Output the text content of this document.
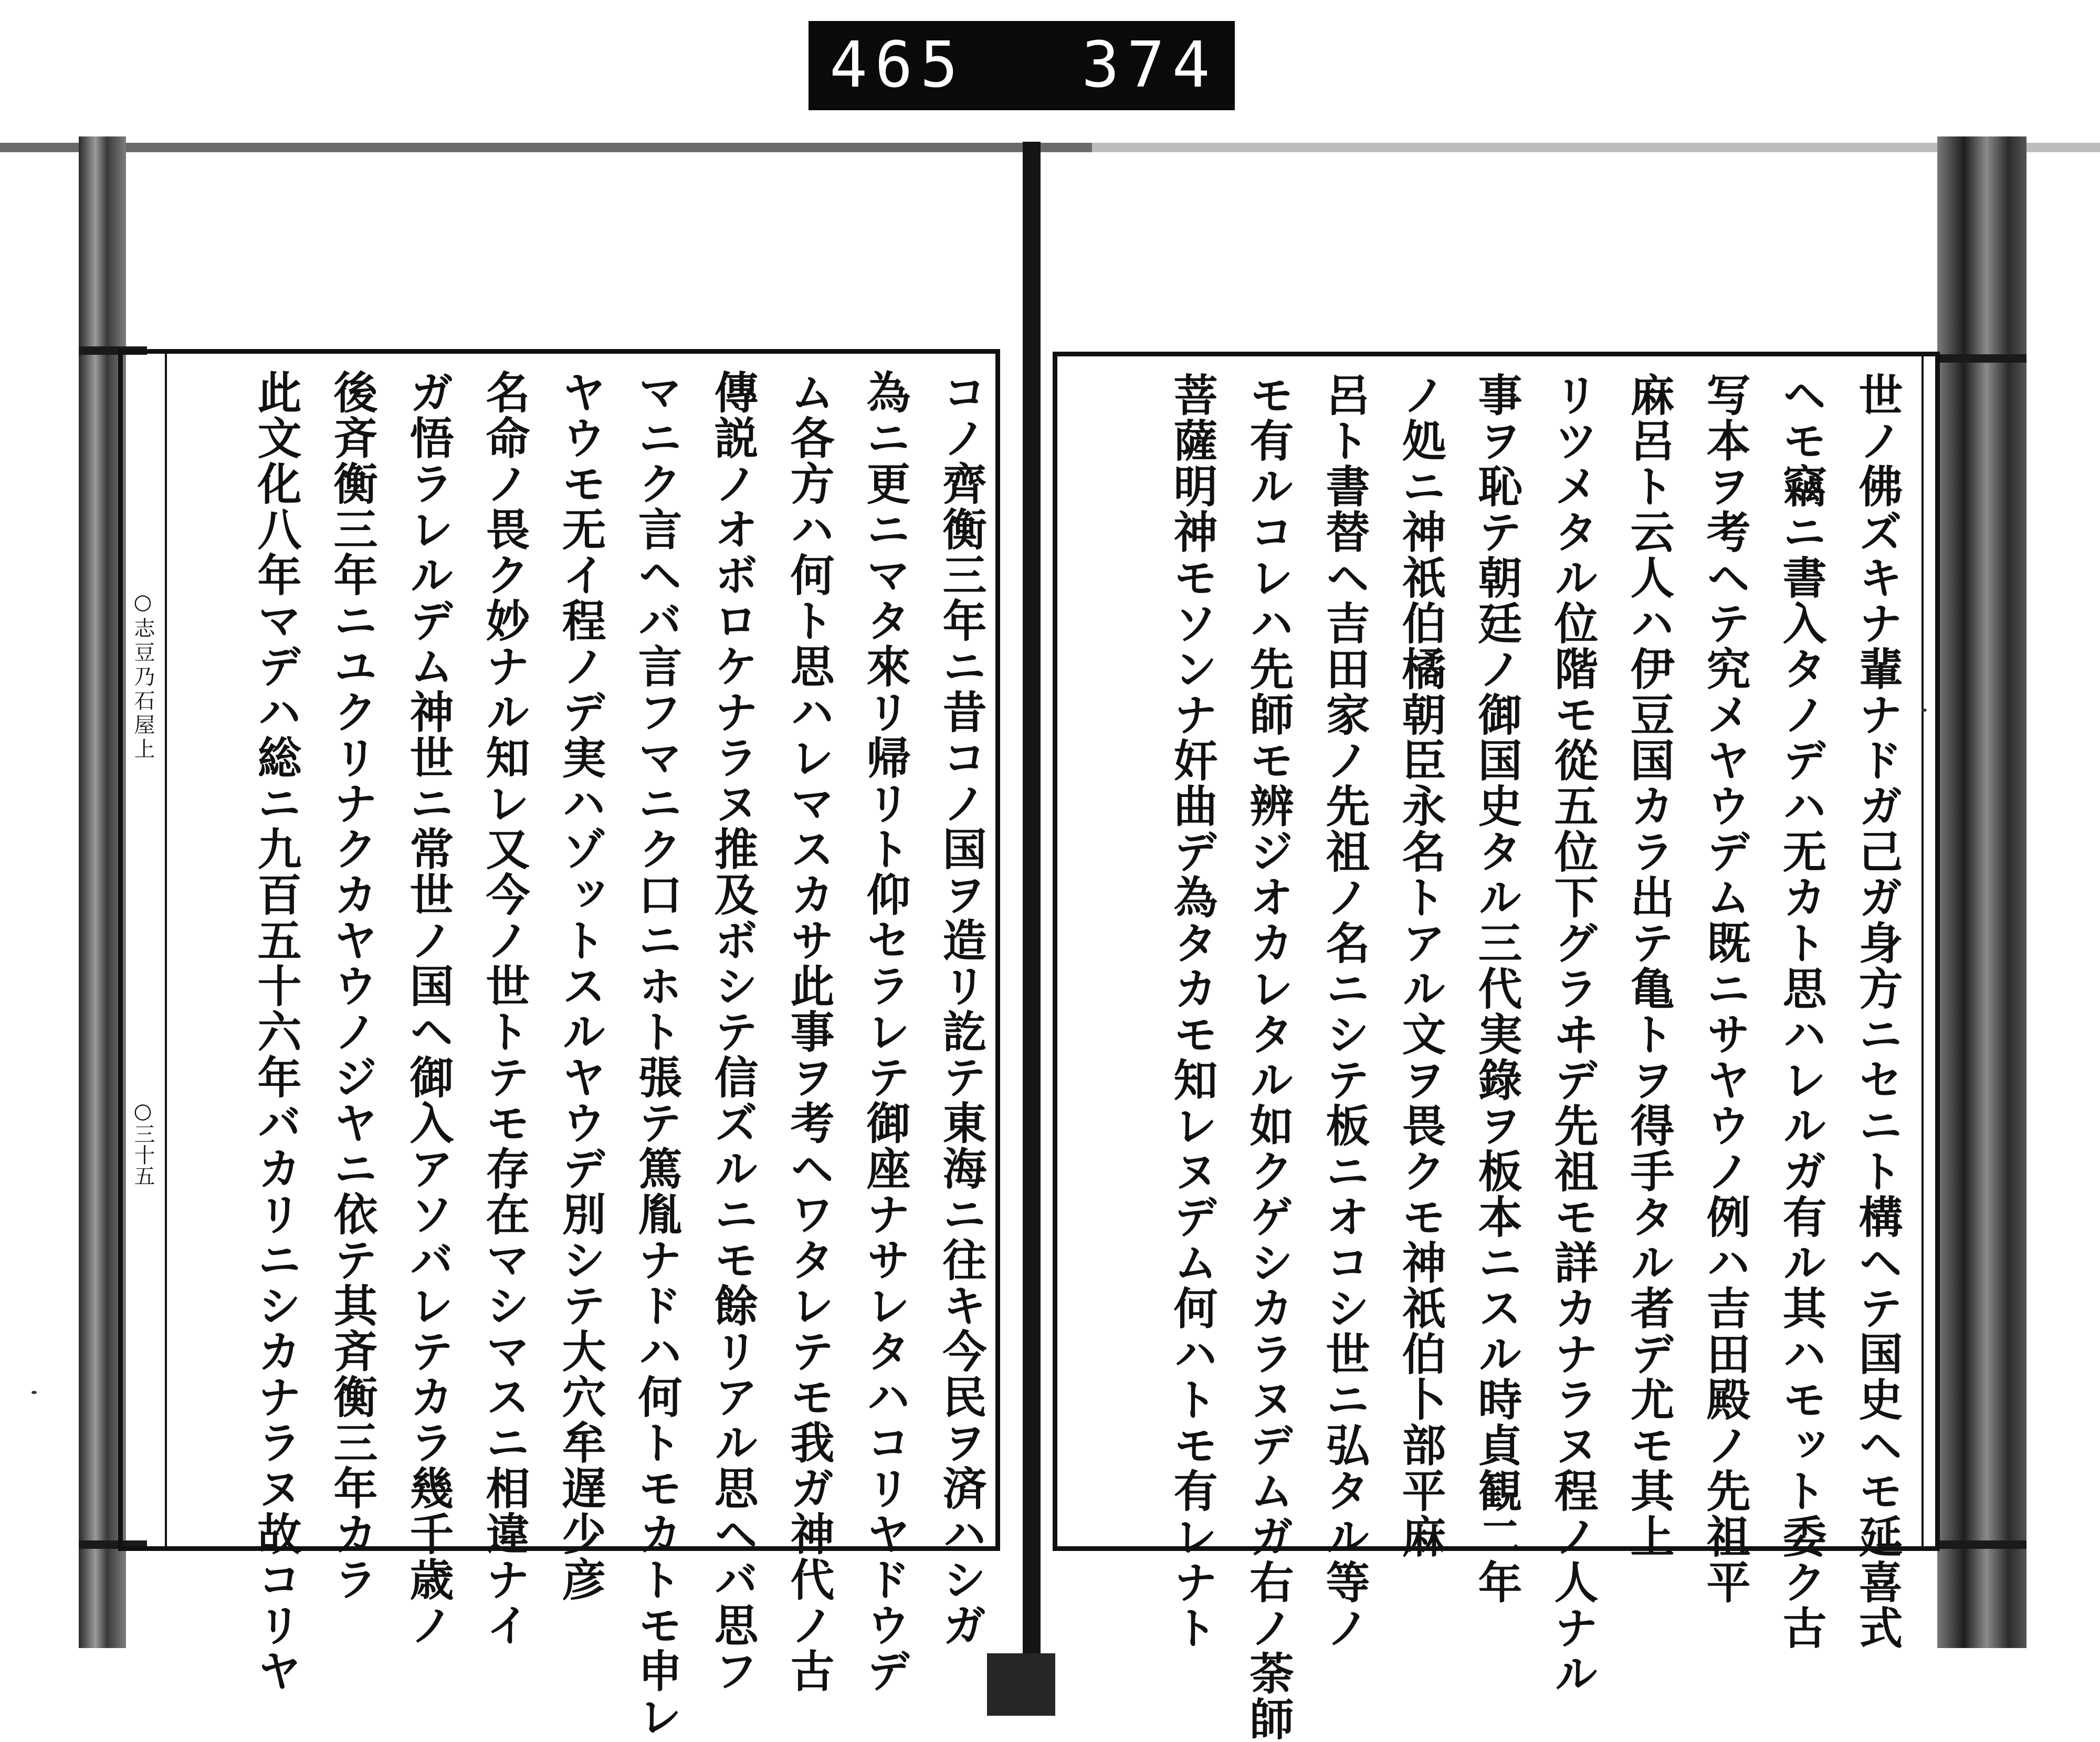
465 374
○志豆乃石屋上
○三十五	コノ齊衡三年ニ昔コノ国ヲ造リ訖テ東海ニ往キ今民ヲ済ハシガ
為ニ更ニマタ來リ帰リト仰セラレテ御座ナサレタハコリヤドウデ
ム各方ハ何ト思ハレマスカサ此事ヲ考ヘワタレテモ我ガ神代ノ古
傳説ノオボロケナラヌ推及ボシテ信ズルニモ餘リアル思ヘバ思フ
マニク言ヘバ言フマニク口ニホト張テ篤胤ナドハ何トモカトモ申レ
ヤウモ无イ程ノデ実ハゾットスルヤウデ別シテ大穴牟遅少彦
名命ノ畏ク妙ナル知レ又今ノ世トテモ存在マシマスニ相違ナイ
ガ悟ラレルデム神世ニ常世ノ国ヘ御入アソバレテカラ幾千歳ノ
後斉衡三年ニユクリナクカヤウノジヤニ依テ其斉衡三年カラ
此文化八年マデハ総ニ九百五十六年バカリニシカナラヌ故コリヤ	世ノ佛ズキナ輩ナドガ己ガ身方ニセニト構ヘテ国史ヘモ延喜式
ヘモ竊ニ書入タノデハ无カト思ハレルガ有ル其ハモット委ク古
写本ヲ考ヘテ究メヤウデム既ニサヤウノ例ハ吉田殿ノ先祖平
麻呂ト云人ハ伊豆国カラ出テ亀トヲ得手タル者デ尤モ其上
リツメタル位階モ從五位下グラヰデ先祖モ詳カナラヌ程ノ人ナル
事ヲ恥テ朝廷ノ御国史タル三代実錄ヲ板本ニスル時貞観二年
ノ処ニ神祇伯橘朝臣永名トアル文ヲ畏クモ神祇伯卜部平麻
呂ト書替ヘ吉田家ノ先祖ノ名ニシテ板ニオコシ世ニ弘タル等ノ
モ有ルコレハ先師モ辨ジオカレタル如クゲシカラヌデムガ右ノ荼師
菩薩明神モソンナ奸曲デ為タカモ知レヌデム何ハトモ有レナト
